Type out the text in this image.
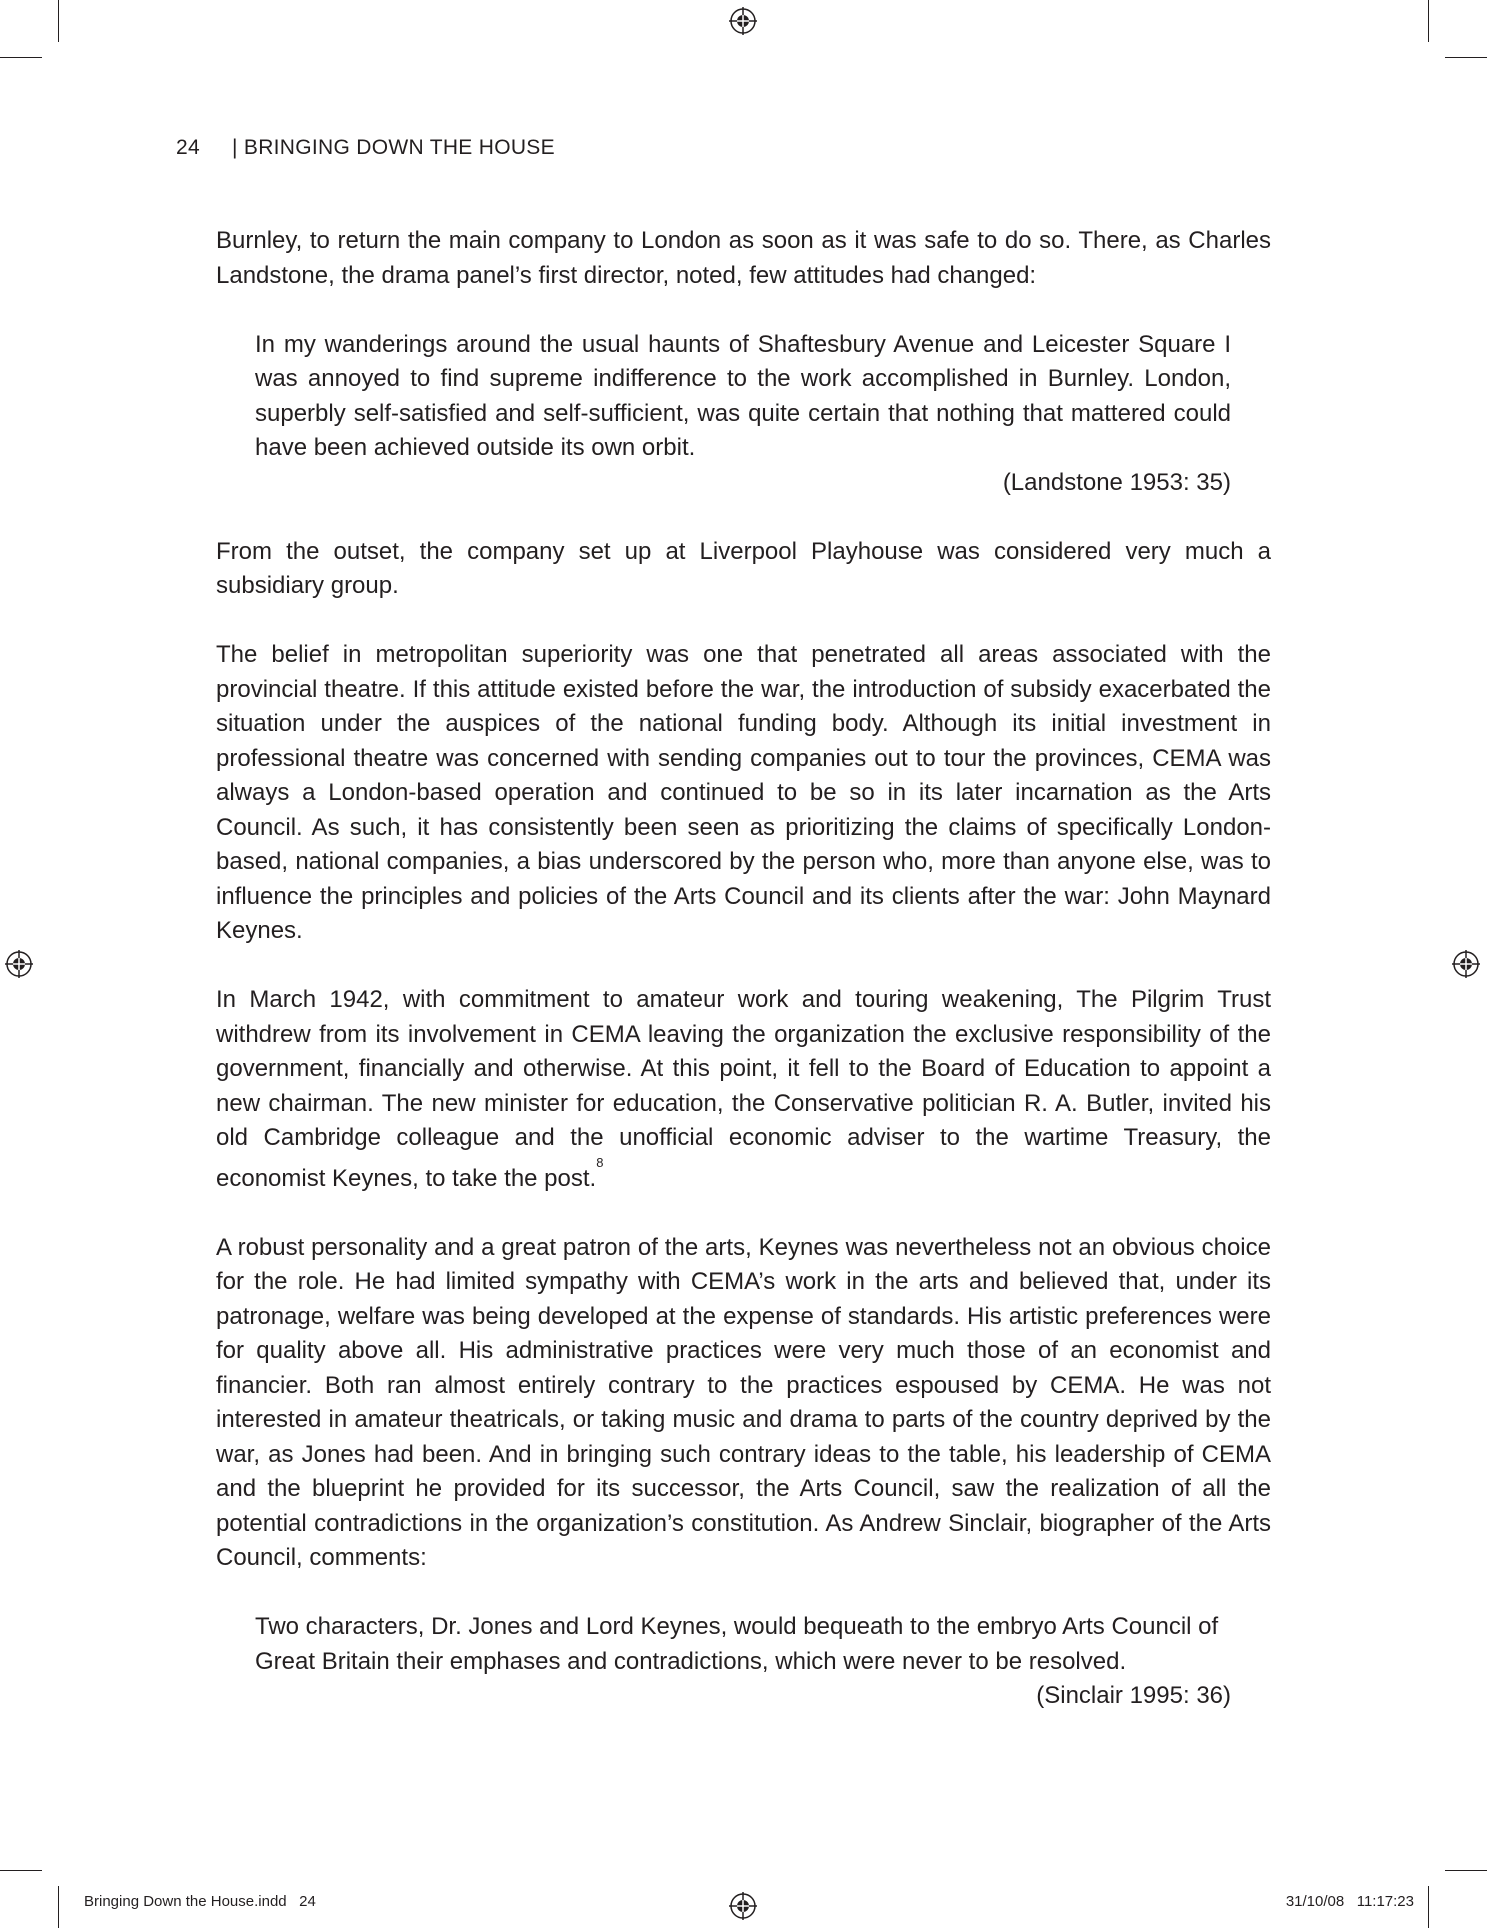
24 | BRINGING DOWN THE HOUSE

Burnley, to return the main company to London as soon as it was safe to do so. There, as Charles Landstone, the drama panel’s first director, noted, few attitudes had changed:

In my wanderings around the usual haunts of Shaftesbury Avenue and Leicester Square I was annoyed to find supreme indifference to the work accomplished in Burnley. London, superbly self-satisfied and self-sufficient, was quite certain that nothing that mattered could have been achieved outside its own orbit.

(Landstone 1953: 35)

From the outset, the company set up at Liverpool Playhouse was considered very much a subsidiary group.

The belief in metropolitan superiority was one that penetrated all areas associated with the provincial theatre. If this attitude existed before the war, the introduction of subsidy exacerbated the situation under the auspices of the national funding body. Although its initial investment in professional theatre was concerned with sending companies out to tour the provinces, CEMA was always a London-based operation and continued to be so in its later incarnation as the Arts Council. As such, it has consistently been seen as prioritizing the claims of specifically London-based, national companies, a bias underscored by the person who, more than anyone else, was to influence the principles and policies of the Arts Council and its clients after the war: John Maynard Keynes.

In March 1942, with commitment to amateur work and touring weakening, The Pilgrim Trust withdrew from its involvement in CEMA leaving the organization the exclusive responsibility of the government, financially and otherwise. At this point, it fell to the Board of Education to appoint a new chairman. The new minister for education, the Conservative politician R. A. Butler, invited his old Cambridge colleague and the unofficial economic adviser to the wartime Treasury, the economist Keynes, to take the post.$^8$

A robust personality and a great patron of the arts, Keynes was nevertheless not an obvious choice for the role. He had limited sympathy with CEMA’s work in the arts and believed that, under its patronage, welfare was being developed at the expense of standards. His artistic preferences were for quality above all. His administrative practices were very much those of an economist and financier. Both ran almost entirely contrary to the practices espoused by CEMA. He was not interested in amateur theatricals, or taking music and drama to parts of the country deprived by the war, as Jones had been. And in bringing such contrary ideas to the table, his leadership of CEMA and the blueprint he provided for its successor, the Arts Council, saw the realization of all the potential contradictions in the organization’s constitution. As Andrew Sinclair, biographer of the Arts Council, comments:

Two characters, Dr. Jones and Lord Keynes, would bequeath to the embryo Arts Council of Great Britain their emphases and contradictions, which were never to be resolved.

(Sinclair 1995: 36)

Bringing Down the House.indd   24	31/10/08   11:17:23
